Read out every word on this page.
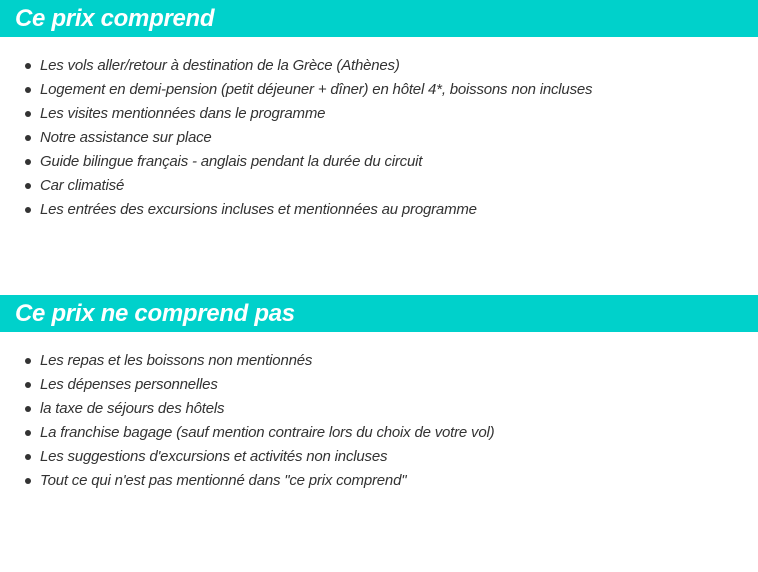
Ce prix comprend
Les vols aller/retour à destination de la Grèce (Athènes)
Logement en demi-pension (petit déjeuner + dîner) en hôtel 4*, boissons non incluses
Les visites mentionnées dans le programme
Notre assistance sur place
Guide bilingue français - anglais pendant la durée du circuit
Car climatisé
Les entrées des excursions incluses et mentionnées au programme
Ce prix ne comprend pas
Les repas et les boissons non mentionnés
Les dépenses personnelles
la taxe de séjours des hôtels
La franchise bagage (sauf mention contraire lors du choix de votre vol)
Les suggestions d'excursions et activités non incluses
Tout ce qui n'est pas mentionné dans "ce prix comprend"
